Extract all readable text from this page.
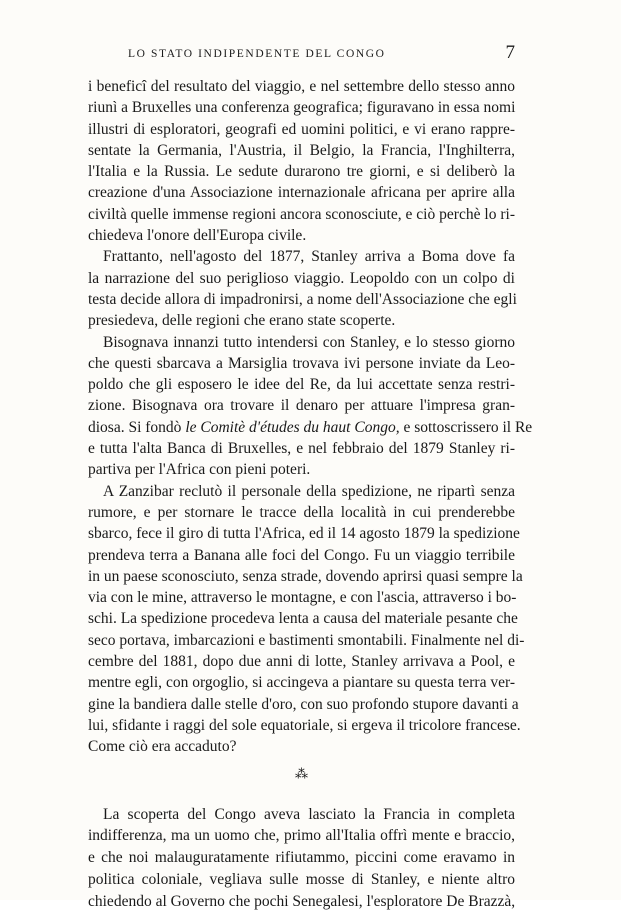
LO STATO INDIPENDENTE DEL CONGO	7
i beneficî del resultato del viaggio, e nel settembre dello stesso anno
riunì a Bruxelles una conferenza geografica; figuravano in essa nomi
illustri di esploratori, geografi ed uomini politici, e vi erano rappre-
sentate la Germania, l'Austria, il Belgio, la Francia, l'Inghilterra,
l'Italia e la Russia. Le sedute durarono tre giorni, e si deliberò la
creazione d'una Associazione internazionale africana per aprire alla
civiltà quelle immense regioni ancora sconosciute, e ciò perchè lo ri-
chiedeva l'onore dell'Europa civile.
Frattanto, nell'agosto del 1877, Stanley arriva a Boma dove fa
la narrazione del suo periglioso viaggio. Leopoldo con un colpo di
testa decide allora di impadronirsi, a nome dell'Associazione che egli
presiedeva, delle regioni che erano state scoperte.
Bisognava innanzi tutto intendersi con Stanley, e lo stesso giorno
che questi sbarcava a Marsiglia trovava ivi persone inviate da Leo-
poldo che gli esposero le idee del Re, da lui accettate senza restri-
zione. Bisognava ora trovare il denaro per attuare l'impresa gran-
diosa. Si fondò le Comitè d'études du haut Congo, e sottoscrissero il Re
e tutta l'alta Banca di Bruxelles, e nel febbraio del 1879 Stanley ri-
partiva per l'Africa con pieni poteri.
A Zanzibar reclutò il personale della spedizione, ne ripartì senza
rumore, e per stornare le tracce della località in cui prenderebbe
sbarco, fece il giro di tutta l'Africa, ed il 14 agosto 1879 la spedizione
prendeva terra a Banana alle foci del Congo. Fu un viaggio terribile
in un paese sconosciuto, senza strade, dovendo aprirsi quasi sempre la
via con le mine, attraverso le montagne, e con l'ascia, attraverso i bo-
schi. La spedizione procedeva lenta a causa del materiale pesante che
seco portava, imbarcazioni e bastimenti smontabili. Finalmente nel di-
cembre del 1881, dopo due anni di lotte, Stanley arrivava a Pool, e
mentre egli, con orgoglio, si accingeva a piantare su questa terra ver-
gine la bandiera dalle stelle d'oro, con suo profondo stupore davanti a
lui, sfidante i raggi del sole equatoriale, si ergeva il tricolore francese.
Come ciò era accaduto?
⁂
La scoperta del Congo aveva lasciato la Francia in completa
indifferenza, ma un uomo che, primo all'Italia offrì mente e braccio,
e che noi malauguratamente rifiutammo, piccini come eravamo in
politica coloniale, vegliava sulle mosse di Stanley, e niente altro
chiedendo al Governo che pochi Senegalesi, l'esploratore De Brazzà,
